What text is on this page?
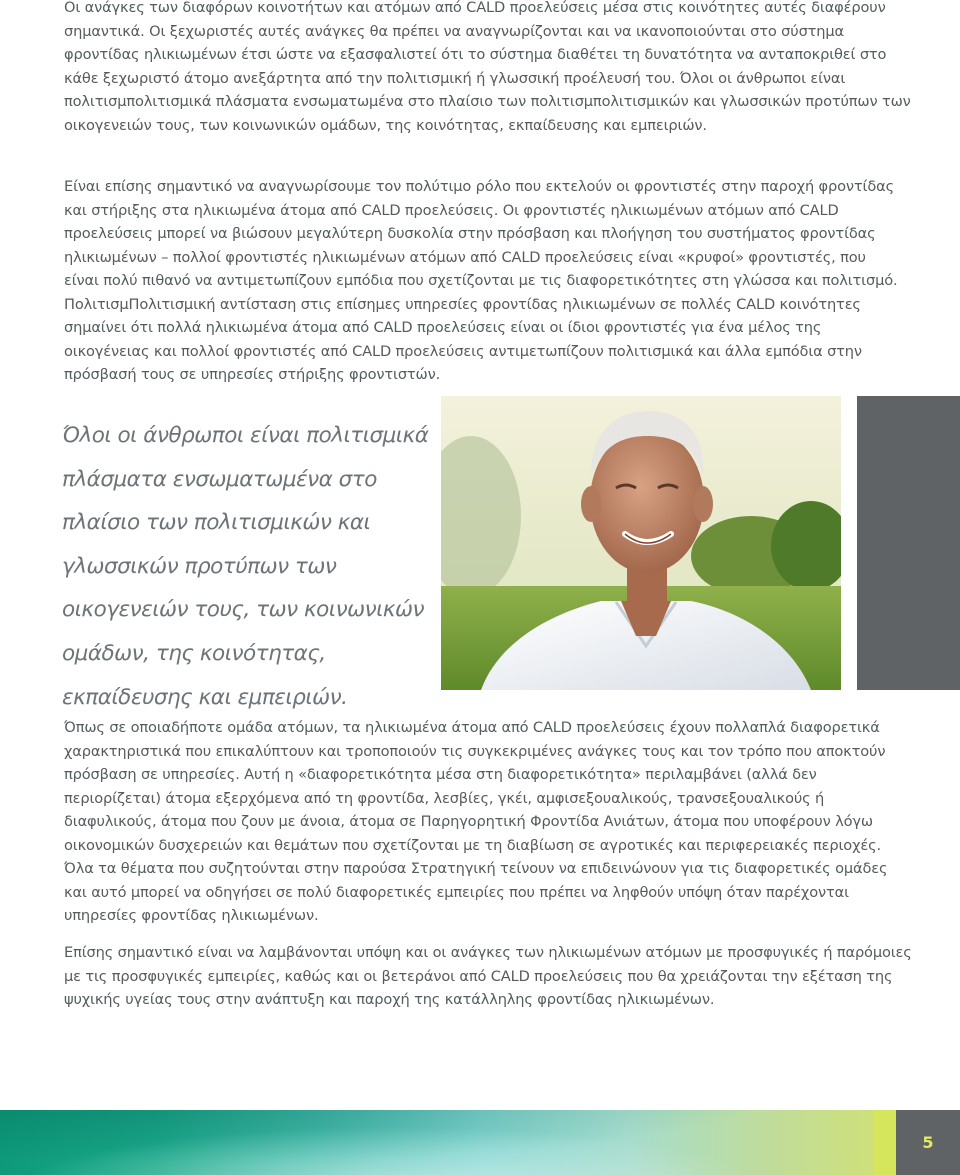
Οι ανάγκες των διαφόρων κοινοτήτων και ατόμων από CALD προελεύσεις μέσα στις κοινότητες αυτές διαφέρουν σημαντικά. Οι ξεχωριστές αυτές ανάγκες θα πρέπει να αναγνωρίζονται και να ικανοποιούνται στο σύστημα φροντίδας ηλικιωμένων έτσι ώστε να εξασφαλιστεί ότι το σύστημα διαθέτει τη δυνατότητα να ανταποκριθεί στο κάθε ξεχωριστό άτομο ανεξάρτητα από την πολιτισμική ή γλωσσική προέλευσή του. Όλοι οι άνθρωποι είναι πολιτισμπολιτισμικά πλάσματα ενσωματωμένα στο πλαίσιο των πολιτισμπολιτισμικών και γλωσσικών προτύπων των οικογενειών τους, των κοινωνικών ομάδων, της κοινότητας, εκπαίδευσης και εμπειριών.

Είναι επίσης σημαντικό να αναγνωρίσουμε τον πολύτιμο ρόλο που εκτελούν οι φροντιστές στην παροχή φροντίδας και στήριξης στα ηλικιωμένα άτομα από CALD προελεύσεις. Οι φροντιστές ηλικιωμένων ατόμων από CALD προελεύσεις μπορεί να βιώσουν μεγαλύτερη δυσκολία στην πρόσβαση και πλοήγηση του συστήματος φροντίδας ηλικιωμένων – πολλοί φροντιστές ηλικιωμένων ατόμων από CALD προελεύσεις είναι «κρυφοί» φροντιστές, που είναι πολύ πιθανό να αντιμετωπίζουν εμπόδια που σχετίζονται με τις διαφορετικότητες στη γλώσσα και πολιτισμό. ΠολιτισμΠολιτισμική αντίσταση στις επίσημες υπηρεσίες φροντίδας ηλικιωμένων σε πολλές CALD κοινότητες σημαίνει ότι πολλά ηλικιωμένα άτομα από CALD προελεύσεις είναι οι ίδιοι φροντιστές για ένα μέλος της οικογένειας και πολλοί φροντιστές από CALD προελεύσεις αντιμετωπίζουν πολιτισμικά και άλλα εμπόδια στην πρόσβασή τους σε υπηρεσίες στήριξης φροντιστών.

Όλοι οι άνθρωποι είναι πολιτισμικά πλάσματα ενσωματωμένα στο πλαίσιο των πολιτισμικών και γλωσσικών προτύπων των οικογενειών τους, των κοινωνικών ομάδων, της κοινότητας, εκπαίδευσης και εμπειριών.

Όπως σε οποιαδήποτε ομάδα ατόμων, τα ηλικιωμένα άτομα από CALD προελεύσεις έχουν πολλαπλά διαφορετικά χαρακτηριστικά που επικαλύπτουν και τροποποιούν τις συγκεκριμένες ανάγκες τους και τον τρόπο που αποκτούν πρόσβαση σε υπηρεσίες. Αυτή η «διαφορετικότητα μέσα στη διαφορετικότητα» περιλαμβάνει (αλλά δεν περιορίζεται) άτομα εξερχόμενα από τη φροντίδα, λεσβίες, γκέι, αμφισεξουαλικούς, τρανσεξουαλικούς ή διαφυλικούς, άτομα που ζουν με άνοια, άτομα σε Παρηγορητική Φροντίδα Ανιάτων, άτομα που υποφέρουν λόγω οικονομικών δυσχερειών και θεμάτων που σχετίζονται με τη διαβίωση σε αγροτικές και περιφερειακές περιοχές. Όλα τα θέματα που συζητούνται στην παρούσα Στρατηγική τείνουν να επιδεινώνουν για τις διαφορετικές ομάδες και αυτό μπορεί να οδηγήσει σε πολύ διαφορετικές εμπειρίες που πρέπει να ληφθούν υπόψη όταν παρέχονται υπηρεσίες φροντίδας ηλικιωμένων.

Επίσης σημαντικό είναι να λαμβάνονται υπόψη και οι ανάγκες των ηλικιωμένων ατόμων με προσφυγικές ή παρόμοιες με τις προσφυγικές εμπειρίες, καθώς και οι βετεράνοι από CALD προελεύσεις που θα χρειάζονται την εξέταση της ψυχικής υγείας τους στην ανάπτυξη και παροχή της κατάλληλης φροντίδας ηλικιωμένων.

5
